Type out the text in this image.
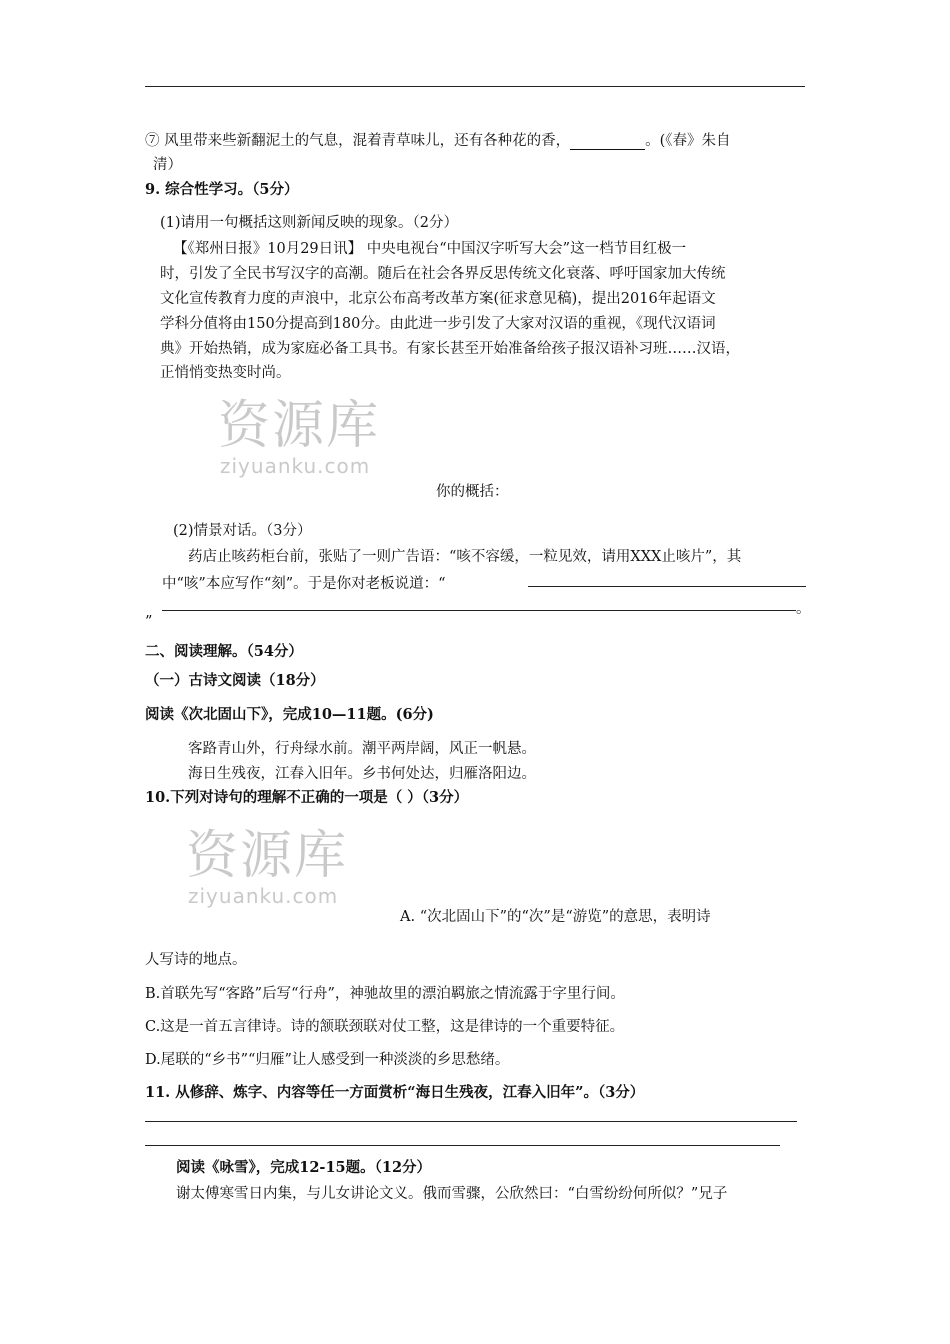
⑦ 风里带来些新翻泥土的气息，混着青草味儿，还有各种花的香，	。(《春》朱自
清）
9. 综合性学习。（5分）
(1)请用一句概括这则新闻反映的现象。（2分）
【《郑州日报》10月29日讯】 中央电视台“中国汉字听写大会”这一档节目红极一
时，引发了全民书写汉字的高潮。随后在社会各界反思传统文化衰落、呼吁国家加大传统
文化宣传教育力度的声浪中，北京公布高考改革方案(征求意见稿)，提出2016年起语文
学科分值将由150分提高到180分。由此进一步引发了大家对汉语的重视，《现代汉语词
典》开始热销，成为家庭必备工具书。有家长甚至开始准备给孩子报汉语补习班……汉语，
正悄悄变热变时尚。
资源库
ziyuanku.com
你的概括：
(2)情景对话。（3分）
药店止咳药柜台前，张贴了一则广告语：“咳不容缓，一粒见效，请用XXX止咳片”，其
中“咳”本应写作“刻”。于是你对老板说道：“
。
”
二、阅读理解。（54分）
（一）古诗文阅读（18分）
阅读《次北固山下》，完成10—11题。(6分)
客路青山外，行舟绿水前。潮平两岸阔，风正一帆悬。
海日生残夜，江春入旧年。乡书何处达，归雁洛阳边。
10.下列对诗句的理解不正确的一项是（ ）（3分）
资源库
ziyuanku.com
A. “次北固山下”的“次”是“游览”的意思，表明诗
人写诗的地点。
B.首联先写“客路”后写“行舟”，神驰故里的漂泊羁旅之情流露于字里行间。
C.这是一首五言律诗。诗的颔联颈联对仗工整，这是律诗的一个重要特征。
D.尾联的“乡书”“归雁”让人感受到一种淡淡的乡思愁绪。
11. 从修辞、炼字、内容等任一方面赏析“海日生残夜，江春入旧年”。（3分）
阅读《咏雪》，完成12-15题。（12分）
谢太傅寒雪日内集，与儿女讲论文义。俄而雪骤，公欣然曰：“白雪纷纷何所似？”兄子
